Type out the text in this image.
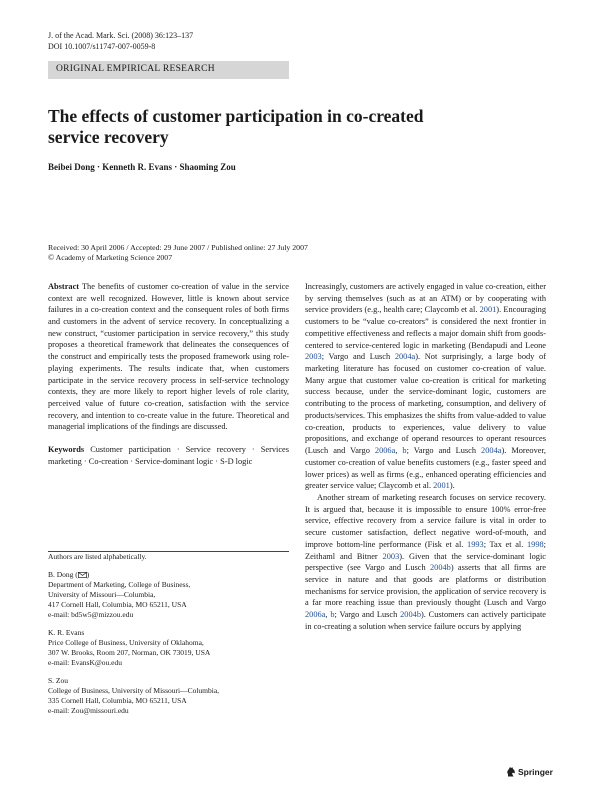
J. of the Acad. Mark. Sci. (2008) 36:123–137
DOI 10.1007/s11747-007-0059-8
ORIGINAL EMPIRICAL RESEARCH
The effects of customer participation in co-created service recovery
Beibei Dong · Kenneth R. Evans · Shaoming Zou
Received: 30 April 2006 / Accepted: 29 June 2007 / Published online: 27 July 2007
© Academy of Marketing Science 2007

Abstract The benefits of customer co-creation of value in the service context are well recognized. However, little is known about service failures in a co-creation context and the consequent roles of both firms and customers in the advent of service recovery. In conceptualizing a new construct, “customer participation in service recovery,” this study proposes a theoretical framework that delineates the consequences of the construct and empirically tests the proposed framework using role-playing experiments. The results indicate that, when customers participate in the service recovery process in self-service technology contexts, they are more likely to report higher levels of role clarity, perceived value of future co-creation, satisfaction with the service recovery, and intention to co-create value in the future. Theoretical and managerial implications of the findings are discussed.

Keywords Customer participation · Service recovery · Services marketing · Co-creation · Service-dominant logic · S-D logic

Authors are listed alphabetically.
B. Dong ( )
Department of Marketing, College of Business,
University of Missouri—Columbia,
417 Cornell Hall, Columbia, MO 65211, USA
e-mail: bd5w5@mizzou.edu
K. R. Evans
Price College of Business, University of Oklahoma,
307 W. Brooks, Room 207, Norman, OK 73019, USA
e-mail: EvansK@ou.edu
S. Zou
College of Business, University of Missouri—Columbia,
335 Cornell Hall, Columbia, MO 65211, USA
e-mail: Zou@missouri.edu

Increasingly, customers are actively engaged in value co-creation, either by serving themselves (such as at an ATM) or by cooperating with service providers (e.g., health care; Claycomb et al. 2001). Encouraging customers to be “value co-creators” is considered the next frontier in competitive effectiveness and reflects a major domain shift from goods-centered to service-centered logic in marketing (Bendapudi and Leone 2003; Vargo and Lusch 2004a). Not surprisingly, a large body of marketing literature has focused on customer co-creation of value. Many argue that customer value co-creation is critical for marketing success because, under the service-dominant logic, customers are contributing to the process of marketing, consumption, and delivery of products/services. This emphasizes the shifts from value-added to value co-creation, products to experiences, value delivery to value propositions, and exchange of operand resources to operant resources (Lusch and Vargo 2006a, b; Vargo and Lusch 2004a). Moreover, customer co-creation of value benefits customers (e.g., faster speed and lower prices) as well as firms (e.g., enhanced operating efficiencies and greater service value; Claycomb et al. 2001).

Another stream of marketing research focuses on service recovery. It is argued that, because it is impossible to ensure 100% error-free service, effective recovery from a service failure is vital in order to secure customer satisfaction, deflect negative word-of-mouth, and improve bottom-line performance (Fisk et al. 1993; Tax et al. 1998; Zeithaml and Bitner 2003). Given that the service-dominant logic perspective (see Vargo and Lusch 2004b) asserts that all firms are service in nature and that goods are platforms or distribution mechanisms for service provision, the application of service recovery is a far more reaching issue than previously thought (Lusch and Vargo 2006a, b; Vargo and Lusch 2004b). Customers can actively participate in co-creating a solution when service failure occurs by applying

Springer
